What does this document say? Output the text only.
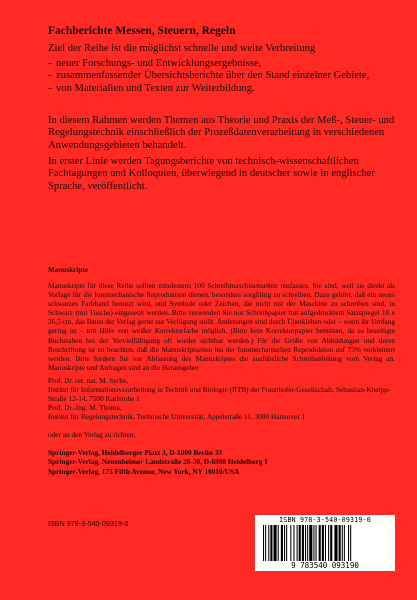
Fachberichte Messen, Steuern, Regeln

Ziel der Reihe ist die möglichst schnelle und weite Verbreitung

- neuer Forschungs- und Entwicklungsergebnisse,
- zusammenfassender Übersichtsberichte über den Stand einzelner Gebiete,
- von Materialien und Texten zur Weiterbildung.
In diesem Rahmen werden Themen aus Theorie und Praxis der Meß-, Steuer- und Regelungstechnik einschließlich der Prozeßdatenverarbeitung in verschiedenen Anwendungsgebieten behandelt.
In erster Linie werden Tagungsberichte von technisch-wissenschaftlichen Fachtagungen und Kolloquien, überwiegend in deutscher sowie in englischer Sprache, veröffentlicht.
Manuskripte
Manuskripte für diese Reihe sollten mindestens 100 Schreibmaschinenseiten umfassen. Sie sind, weil sie direkt als Vorlage für die fotomechanische Reproduktion dienen, besonders sorgfältig zu schreiben. Dazu gehört, daß ein neues schwarzes Farbband benutzt wird, und Symbole oder Zeichen, die nicht mit der Maschine zu schreiben sind, in Schwarz (mit Tusche) eingesetzt werden. Bitte verwenden Sie nur Schreibpapier mit aufgedrucktem Satzspiegel 18 x 26,5 cm, das Ihnen der Verlag gerne zur Verfügung stellt. Änderungen sind durch Überkleben oder – wenn ihr Umfang gering ist – mit Hilfe von weißer Korrekturfarbe möglich. (Bitte kein Korrekturpapier benutzen, da so beseitigte Buchstaben bei der Vervielfältigung oft wieder sichtbar werden.) Für die Größe von Abbildungen und deren Beschriftung ist zu beachten, daß die Manuskriptseiten bei der fotomechanischen Reproduktion auf 75% verkleinert werden. Bitte fordern Sie vor Abfassung des Manuskriptes die ausführliche Schreibanleitung vom Verlag an. Manuskripte und Anfragen sind an die Herausgeber
Prof. Dr. rer. nat. M. Syrbe,
Institut für Informationsverarbeitung in Technik und Biologie (IITB) der Fraunhofer-Gesellschaft, Sebastian-Kneipp-Straße 12-14, 7500 Karlsruhe 1
Prof. Dr.-Ing. M. Thoma,
Institut für Regelungstechnik, Technische Universität, Appelstraße 11, 3000 Hannover 1
oder an den Verlag zu richten.
Springer-Verlag, Heidelberger Platz 3, D-1000 Berlin 33
Springer-Verlag, Neuenheimer Landstraße 28-30, D-6900 Heidelberg 1
Springer-Verlag, 175 Fifth Avenue, New York, NY 10010/USA
ISBN 978-3-540-09319-0	ISBN 978-3-540-09319-0
9 783540 093190
